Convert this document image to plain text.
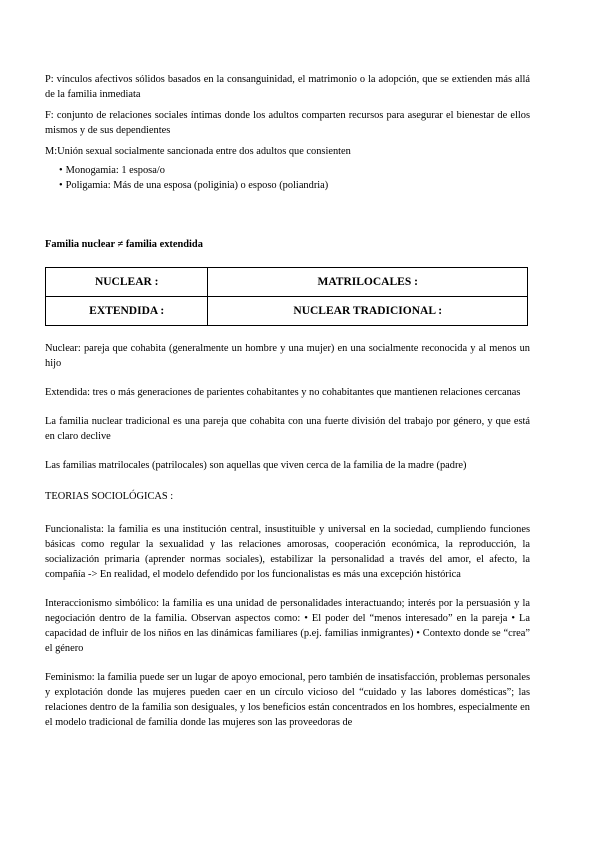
P: vínculos afectivos sólidos basados en la consanguinidad, el matrimonio o la adopción, que se extienden más allá de la familia inmediata

F: conjunto de relaciones sociales íntimas donde los adultos comparten recursos para asegurar el bienestar de ellos mismos y de sus dependientes

M:Unión sexual socialmente sancionada entre dos adultos que consienten

• Monogamia: 1 esposa/o
• Poligamia: Más de una esposa (poliginia) o esposo (poliandria)

Familia nuclear ≠ familia extendida

NUCLEAR :	MATRILOCALES :
EXTENDIDA :	NUCLEAR TRADICIONAL :

Nuclear: pareja que cohabita (generalmente un hombre y una mujer) en una socialmente reconocida y al menos un hijo

Extendida: tres o más generaciones de parientes cohabitantes y no cohabitantes que mantienen relaciones cercanas

La familia nuclear tradicional es una pareja que cohabita con una fuerte división del trabajo por género, y que está en claro declive

Las familias matrilocales (patrilocales) son aquellas que viven cerca de la familia de la madre (padre)

TEORIAS SOCIOLÓGICAS :

Funcionalista: la familia es una institución central, insustituible y universal en la sociedad, cumpliendo funciones básicas como regular la sexualidad y las relaciones amorosas, cooperación económica, la reproducción, la socialización primaria (aprender normas sociales), estabilizar la personalidad a través del amor, el afecto, la compañía -> En realidad, el modelo defendido por los funcionalistas es más una excepción histórica

Interaccionismo simbólico: la familia es una unidad de personalidades interactuando; interés por la persuasión y la negociación dentro de la familia. Observan aspectos como: • El poder del “menos interesado” en la pareja • La capacidad de influir de los niños en las dinámicas familiares (p.ej. familias inmigrantes) • Contexto donde se “crea” el género

Feminismo: la familia puede ser un lugar de apoyo emocional, pero también de insatisfacción, problemas personales y explotación donde las mujeres pueden caer en un círculo vicioso del “cuidado y las labores domésticas”; las relaciones dentro de la familia son desiguales, y los beneficios están concentrados en los hombres, especialmente en el modelo tradicional de familia donde las mujeres son las proveedoras de
